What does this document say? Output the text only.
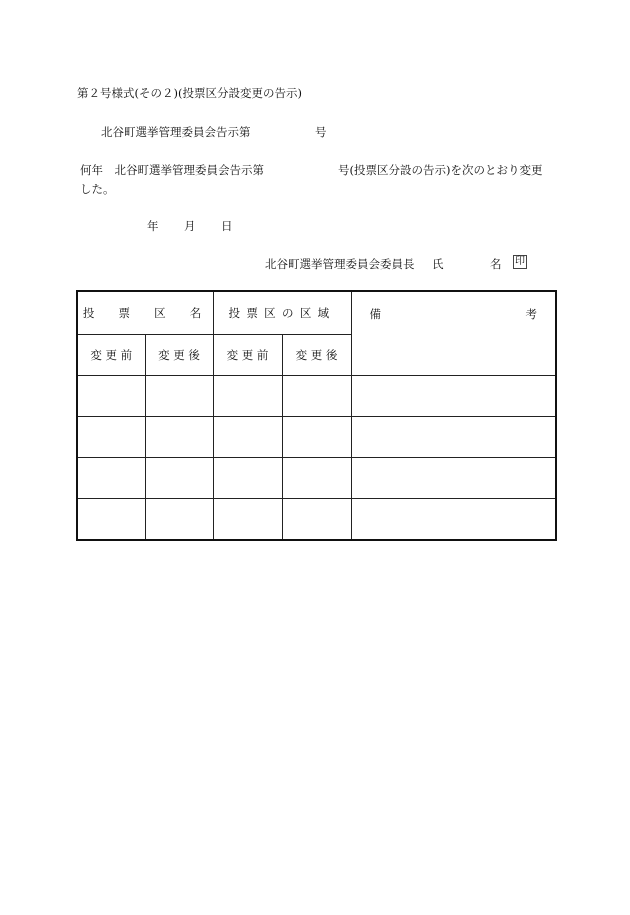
第２号様式(その２)(投票区分設変更の告示)
北谷町選挙管理委員会告示第	号
何年　北谷町選挙管理委員会告示第	号(投票区分設の告示)を次のとおり変更
した。
年 月 日
北谷町選挙管理委員会委員長 氏	名 印
投　票　区　名		投票区の区域		備 考

変 更 前	変 更 後	変 更 前	変 更 後	
